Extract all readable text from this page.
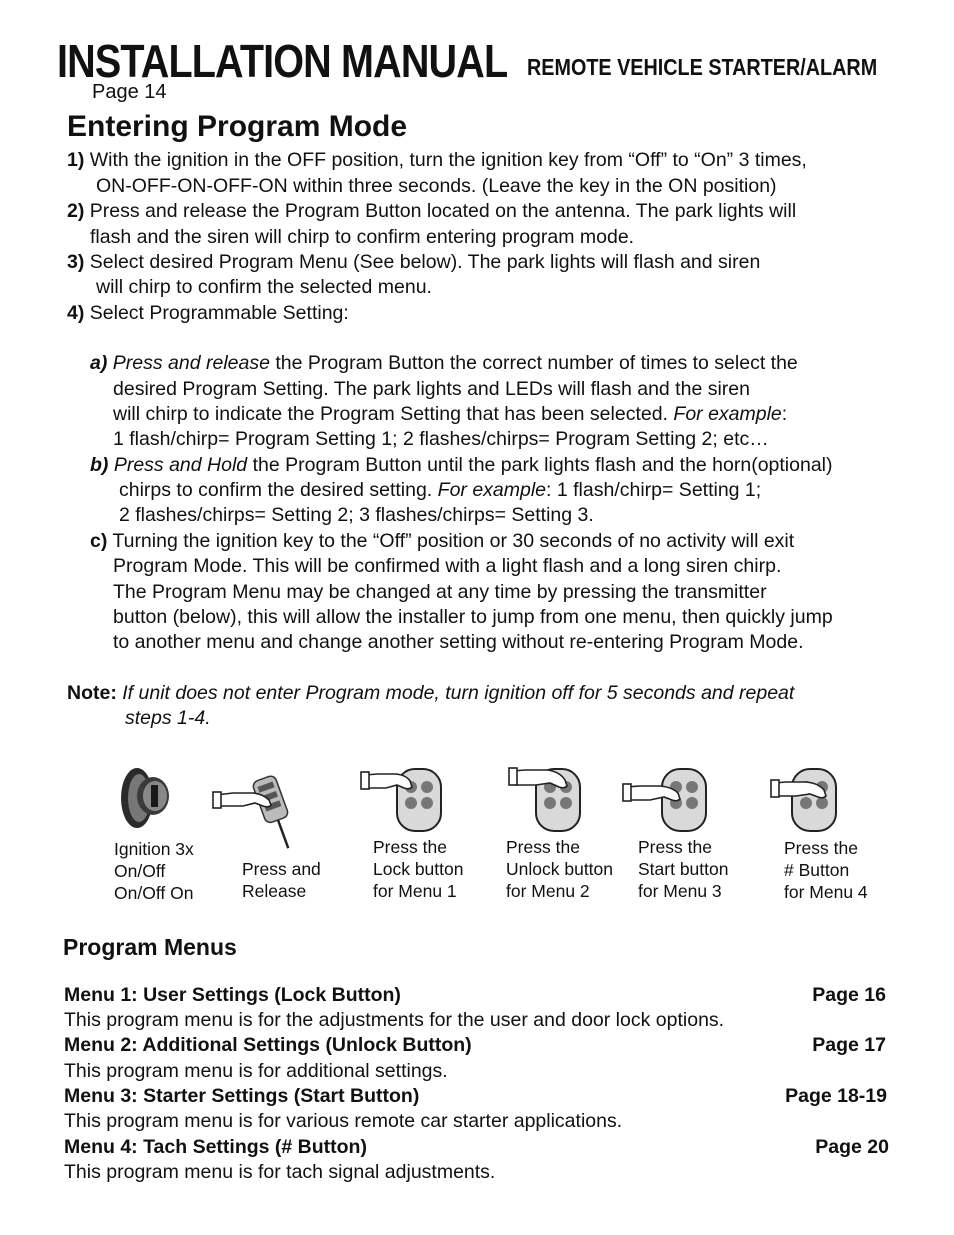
INSTALLATION MANUAL REMOTE VEHICLE STARTER/ALARM
Page 14
Entering Program Mode
1) With the ignition in the OFF position, turn the ignition key from “Off” to “On” 3 times,
ON-OFF-ON-OFF-ON within three seconds. (Leave the key in the ON position)
2) Press and release the Program Button located on the antenna. The park lights will
flash and the siren will chirp to confirm entering program mode.
3) Select desired Program Menu (See below). The park lights will flash and siren
will chirp to confirm the selected menu.
4) Select Programmable Setting:
a) Press and release the Program Button the correct number of times to select the
desired Program Setting. The park lights and LEDs will flash and the siren
will chirp to indicate the Program Setting that has been selected. For example:
1 flash/chirp= Program Setting 1; 2 flashes/chirps= Program Setting 2; etc…
b) Press and Hold the Program Button until the park lights flash and the horn(optional)
chirps to confirm the desired setting. For example: 1 flash/chirp= Setting 1;
2 flashes/chirps= Setting 2; 3 flashes/chirps= Setting 3.
c) Turning the ignition key to the “Off” position or 30 seconds of no activity will exit
Program Mode. This will be confirmed with a light flash and a long siren chirp.
The Program Menu may be changed at any time by pressing the transmitter
button (below), this will allow the installer to jump from one menu, then quickly jump
to another menu and change another setting without re-entering Program Mode.
Note: If unit does not enter Program mode, turn ignition off for 5 seconds and repeat
steps 1-4.
Ignition 3x
On/Off
On/Off On
Press and
Release
Press the
Lock button
for Menu 1
Press the
Unlock button
for Menu 2
Press the
Start button
for Menu 3
Press the
# Button
for Menu 4
Program Menus
Menu 1: User Settings (Lock Button)	Page 16
This program menu is for the adjustments for the user and door lock options.
Menu 2: Additional Settings (Unlock Button)	Page 17
This program menu is for additional settings.
Menu 3: Starter Settings (Start Button)	Page 18-19
This program menu is for various remote car starter applications.
Menu 4: Tach Settings (# Button)	Page 20
This program menu is for tach signal adjustments.
